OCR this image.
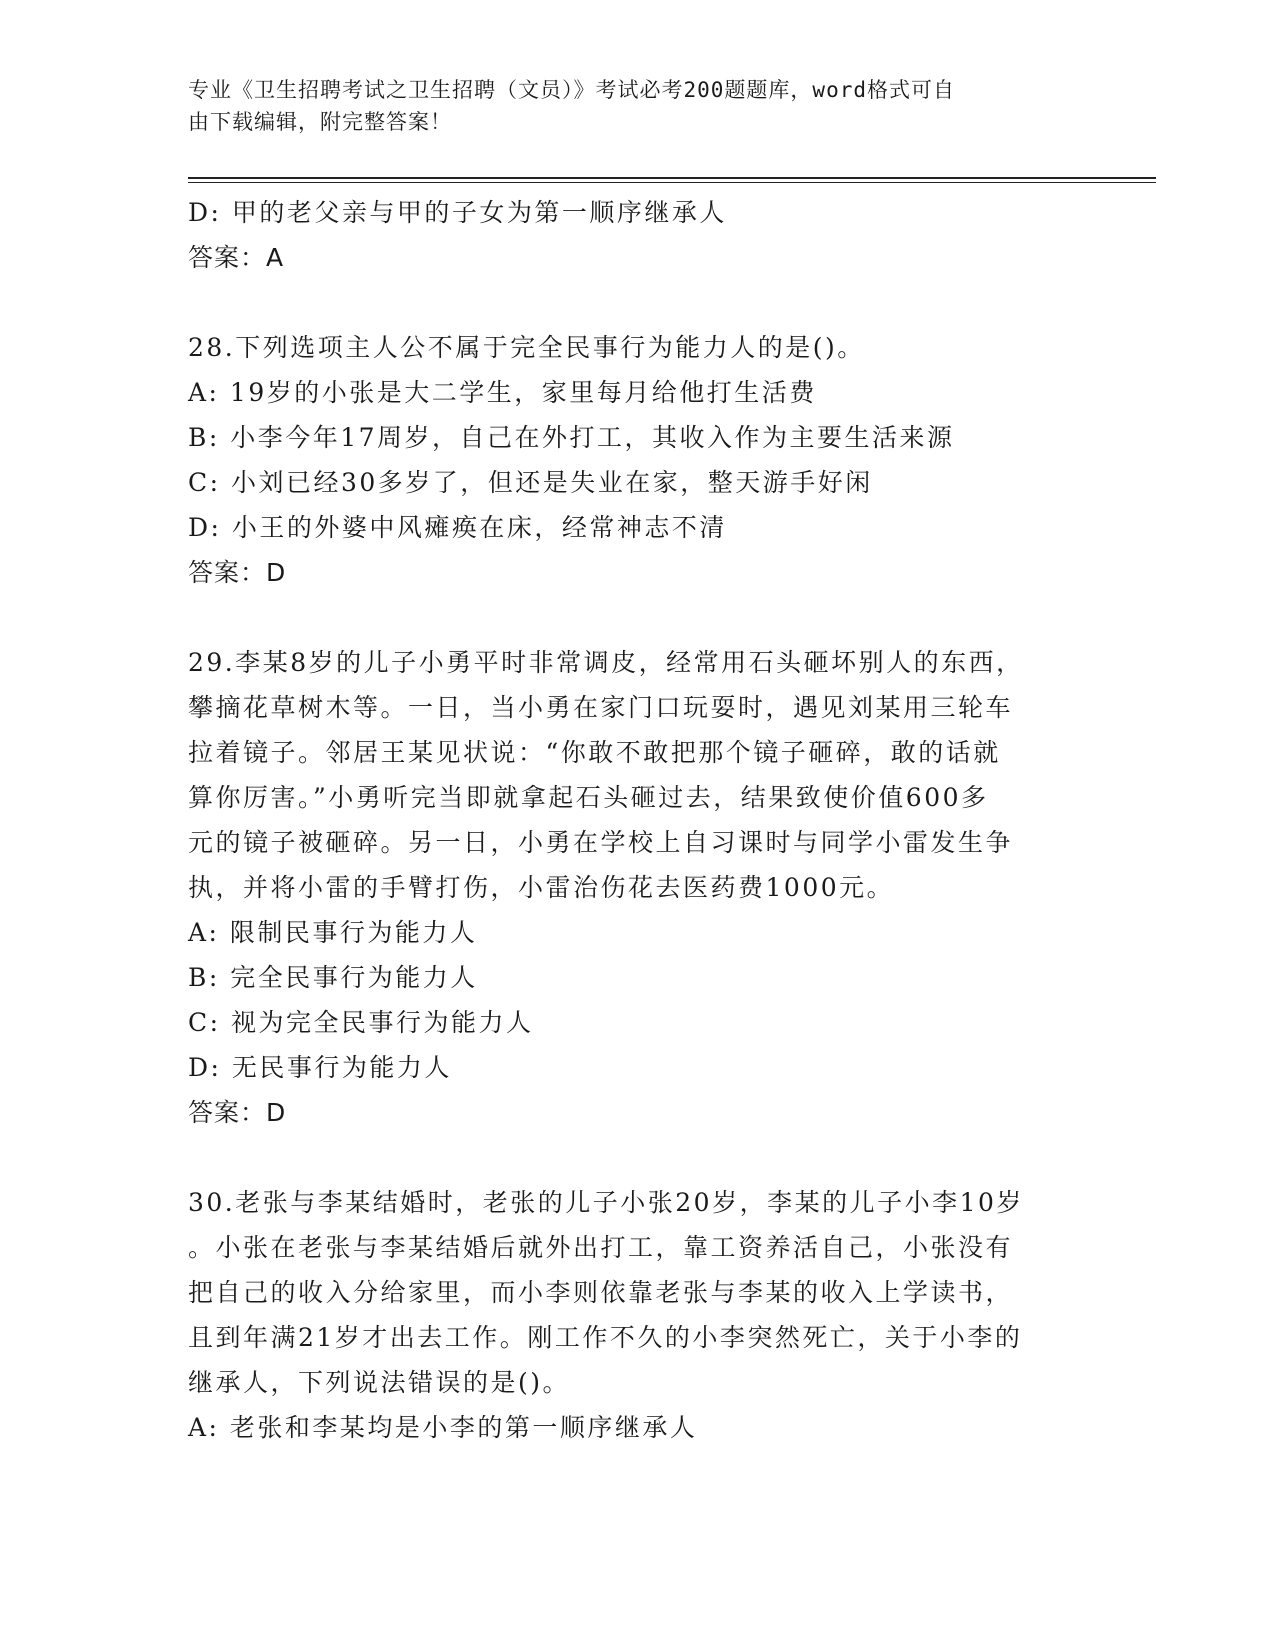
专业《卫生招聘考试之卫生招聘（文员）》考试必考200题题库，word格式可自
由下载编辑，附完整答案！
D: 甲的老父亲与甲的子女为第一顺序继承人
答案：A
28.下列选项主人公不属于完全民事行为能力人的是()。
A: 19岁的小张是大二学生，家里每月给他打生活费
B: 小李今年17周岁，自己在外打工，其收入作为主要生活来源
C: 小刘已经30多岁了，但还是失业在家，整天游手好闲
D: 小王的外婆中风瘫痪在床，经常神志不清
答案：D
29.李某8岁的儿子小勇平时非常调皮，经常用石头砸坏别人的东西，
攀摘花草树木等。一日，当小勇在家门口玩耍时，遇见刘某用三轮车
拉着镜子。邻居王某见状说：“你敢不敢把那个镜子砸碎，敢的话就
算你厉害。”小勇听完当即就拿起石头砸过去，结果致使价值600多
元的镜子被砸碎。另一日，小勇在学校上自习课时与同学小雷发生争
执，并将小雷的手臂打伤，小雷治伤花去医药费1000元。
A: 限制民事行为能力人
B: 完全民事行为能力人
C: 视为完全民事行为能力人
D: 无民事行为能力人
答案：D
30.老张与李某结婚时，老张的儿子小张20岁，李某的儿子小李10岁
。小张在老张与李某结婚后就外出打工，靠工资养活自己，小张没有
把自己的收入分给家里，而小李则依靠老张与李某的收入上学读书，
且到年满21岁才出去工作。刚工作不久的小李突然死亡，关于小李的
继承人，下列说法错误的是()。
A: 老张和李某均是小李的第一顺序继承人
